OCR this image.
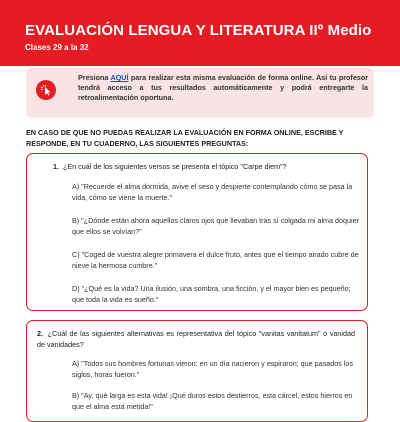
EVALUACIÓN LENGUA Y LITERATURA IIº Medio
Clases 29 a la 32
Presiona AQUÍ para realizar esta misma evaluación de forma online. Así tu profesor tendrá acceso a tus resultados automáticamente y podrá entregarte la retroalimentación oportuna.
EN CASO DE QUE NO PUEDAS REALIZAR LA EVALUACIÓN EN FORMA ONLINE, ESCRIBE Y RESPONDE, EN TU CUADERNO, LAS SIGUIENTES PREGUNTAS:
1. ¿En cuál de los siguientes versos se presenta el tópico "Carpe diem"?
A) "Recuerde el alma dormida, avive el seso y despierte contemplando cómo se pasa la vida, cómo se viene la muerte."
B) "¿Dónde están ahora aquellos claros ojos que llevaban tras sí colgada mi alma doquier que ellos se volvían?"
C) "Coged de vuestra alegre primavera el dulce fruto, antes que el tiempo airado cubre de nieve la hermosa cumbre."
D) "¿Qué es la vida? Una ilusión, una sombra, una ficción, y el mayor bien es pequeño; que toda la vida es sueño."
2. ¿Cuál de las siguientes alternativas es representativa del tópico "vanitas vanitatum" o vanidad de vanidades?
A) "Todos sus hombres fortunas vieron: en un día nacieron y espiraron; que pasados los siglos, horas fueron."
B) "Ay, qué larga es esta vida! ¡Qué duros estos destierros, esta cárcel, estos hierros en que el alma está metida!"
